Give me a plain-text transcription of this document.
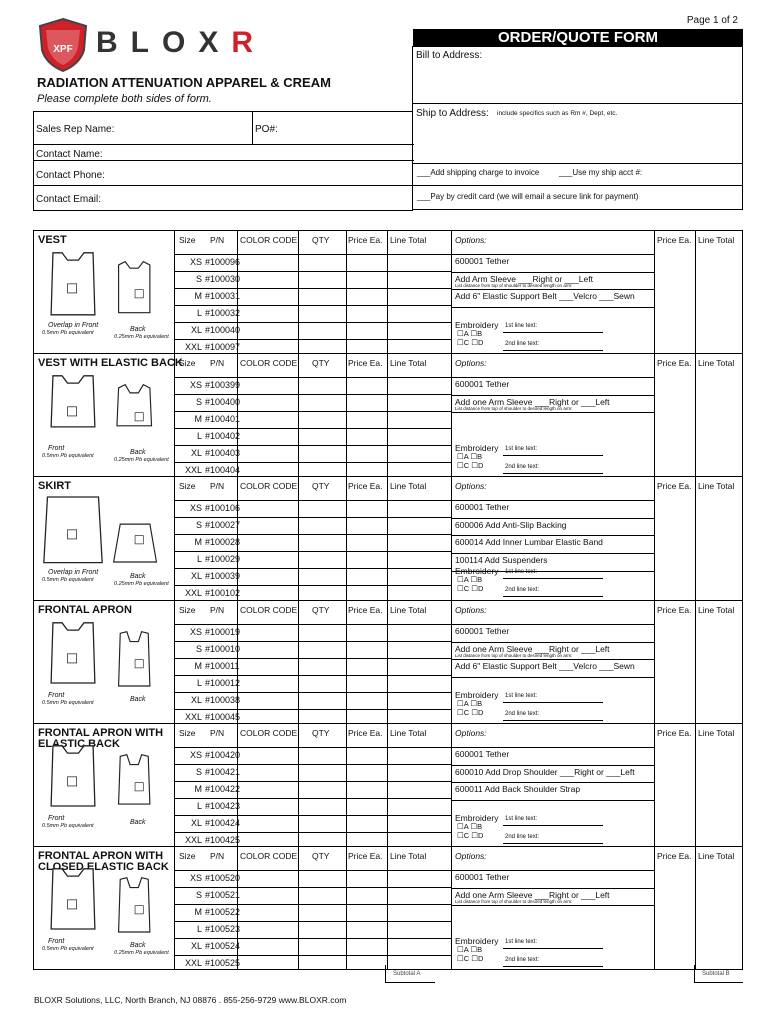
Page 1 of 2
XPF BLOXR	ORDER/QUOTE FORM
Bill to Address:
Ship to Address: include specifics such as Rm #, Dept, etc.
___Add shipping charge to invoice ___Use my ship acct #:
___Pay by credit card (we will email a secure link for payment)
RADIATION ATTENUATION APPAREL & CREAM
Please complete both sides of form.
Sales Rep Name:	PO#:
Contact Name:
Contact Phone:
Contact Email:
VEST	Size P/N COLOR CODE QTY Price Ea. Line Total	Options:	Price Ea. Line Total
XS #100096
S #100030
M #100031
L #100032
XL #100040
XXL #100097
600001 Tether
Add Arm Sleeve ___Right or ___Left
List distance from top of shoulder to desired length on arm:
Add 6" Elastic Support Belt ___Velcro ___Sewn
Embroidery
☐A ☐B
☐C ☐D
1st line text:
2nd line text:
Overlap in Front
0.5mm Pb equivalent	Back
0.25mm Pb equivalent
VEST WITH ELASTIC BACK
Size P/N COLOR CODE QTY Price Ea. Line Total	Options:	Price Ea. Line Total
XS #100399
S #100400
M #100401
L #100402
XL #100403
XXL #100404
600001 Tether
Add one Arm Sleeve ___Right or ___Left
List distance from top of shoulder to desired length on arm:
Embroidery
☐A ☐B
☐C ☐D
1st line text:
2nd line text:
Front
0.5mm Pb equivalent	Back
0.25mm Pb equivalent
SKIRT	Size P/N COLOR CODE QTY Price Ea. Line Total	Options:	Price Ea. Line Total
XS #100106
S #100027
M #100028
L #100029
XL #100039
XXL #100102
600001 Tether
600006 Add Anti-Slip Backing
600014 Add Inner Lumbar Elastic Band
100114 Add Suspenders
Embroidery
☐A ☐B
☐C ☐D
1st line text:
2nd line text:
Overlap in Front
0.5mm Pb equivalent	Back
0.25mm Pb equivalent
FRONTAL APRON	Size P/N COLOR CODE QTY Price Ea. Line Total	Options:	Price Ea. Line Total
XS #100019
S #100010
M #100011
L #100012
XL #100038
XXL #100045
600001 Tether
Add one Arm Sleeve ___Right or ___Left
List distance from top of shoulder to desired length on arm:
Add 6" Elastic Support Belt ___Velcro ___Sewn
Embroidery
☐A ☐B
☐C ☐D
1st line text:
2nd line text:
Front
0.5mm Pb equivalent	Back
FRONTAL APRON WITH
ELASTIC BACK
Size P/N COLOR CODE QTY Price Ea. Line Total	Options:	Price Ea. Line Total
XS #100420
S #100421
M #100422
L #100423
XL #100424
XXL #100425
600001 Tether
600010 Add Drop Shoulder ___Right or ___Left
600011 Add Back Shoulder Strap
Embroidery
☐A ☐B
☐C ☐D
1st line text:
2nd line text:
Front
0.5mm Pb equivalent	Back
FRONTAL APRON WITH
CLOSED ELASTIC BACK
Size P/N COLOR CODE QTY Price Ea. Line Total	Options:	Price Ea. Line Total
XS #100520
S #100521
M #100522
L #100523
XL #100524
XXL #100525
600001 Tether
Add one Arm Sleeve ___Right or ___Left
List distance from top of shoulder to desired length on arm:
Embroidery
☐A ☐B
☐C ☐D
1st line text:
2nd line text:
Front
0.5mm Pb equivalent	Back
0.25mm Pb equivalent
Subtotal A	Subtotal B
BLOXR Solutions, LLC, North Branch, NJ 08876 . 855-256-9729 www.BLOXR.com
